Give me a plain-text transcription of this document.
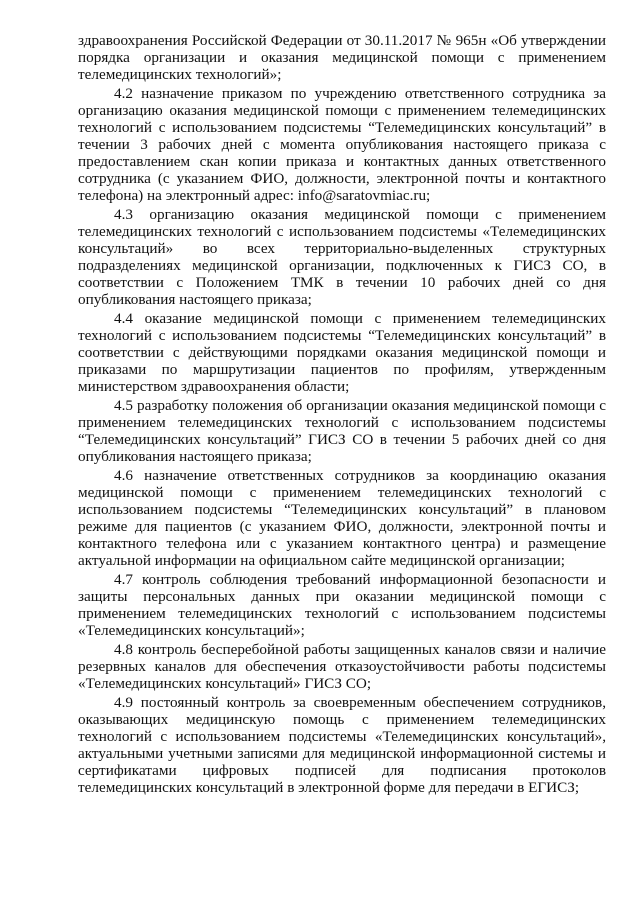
здравоохранения Российской Федерации от 30.11.2017 № 965н «Об утверждении порядка организации и оказания медицинской помощи с применением телемедицинских технологий»;

4.2 назначение приказом по учреждению ответственного сотрудника за организацию оказания медицинской помощи с применением телемедицинских технологий с использованием подсистемы “Телемедицинских консультаций” в течении 3 рабочих дней с момента опубликования настоящего приказа с предоставлением скан копии приказа и контактных данных ответственного сотрудника (с указанием ФИО, должности, электронной почты и контактного телефона) на электронный адрес: info@saratovmiac.ru;

4.3 организацию оказания медицинской помощи с применением телемедицинских технологий с использованием подсистемы «Телемедицинских консультаций» во всех территориально-выделенных структурных подразделениях медицинской организации, подключенных к ГИСЗ СО, в соответствии с Положением ТМК в течении 10 рабочих дней со дня опубликования настоящего приказа;

4.4 оказание медицинской помощи с применением телемедицинских технологий с использованием подсистемы “Телемедицинских консультаций” в соответствии с действующими порядками оказания медицинской помощи и приказами по маршрутизации пациентов по профилям, утвержденным министерством здравоохранения области;

4.5 разработку положения об организации оказания медицинской помощи с применением телемедицинских технологий с использованием подсистемы “Телемедицинских консультаций” ГИСЗ СО в течении 5 рабочих дней со дня опубликования настоящего приказа;

4.6 назначение ответственных сотрудников за координацию оказания медицинской помощи с применением телемедицинских технологий с использованием подсистемы “Телемедицинских консультаций” в плановом режиме для пациентов (с указанием ФИО, должности, электронной почты и контактного телефона или с указанием контактного центра) и размещение актуальной информации на официальном сайте медицинской организации;

4.7 контроль соблюдения требований информационной безопасности и защиты персональных данных при оказании медицинской помощи с применением телемедицинских технологий с использованием подсистемы «Телемедицинских консультаций»;

4.8 контроль бесперебойной работы защищенных каналов связи и наличие резервных каналов для обеспечения отказоустойчивости работы подсистемы «Телемедицинских консультаций» ГИСЗ СО;

4.9 постоянный контроль за своевременным обеспечением сотрудников, оказывающих медицинскую помощь с применением телемедицинских технологий с использованием подсистемы «Телемедицинских консультаций», актуальными учетными записями для медицинской информационной системы и сертификатами цифровых подписей для подписания протоколов телемедицинских консультаций в электронной форме для передачи в ЕГИСЗ;
